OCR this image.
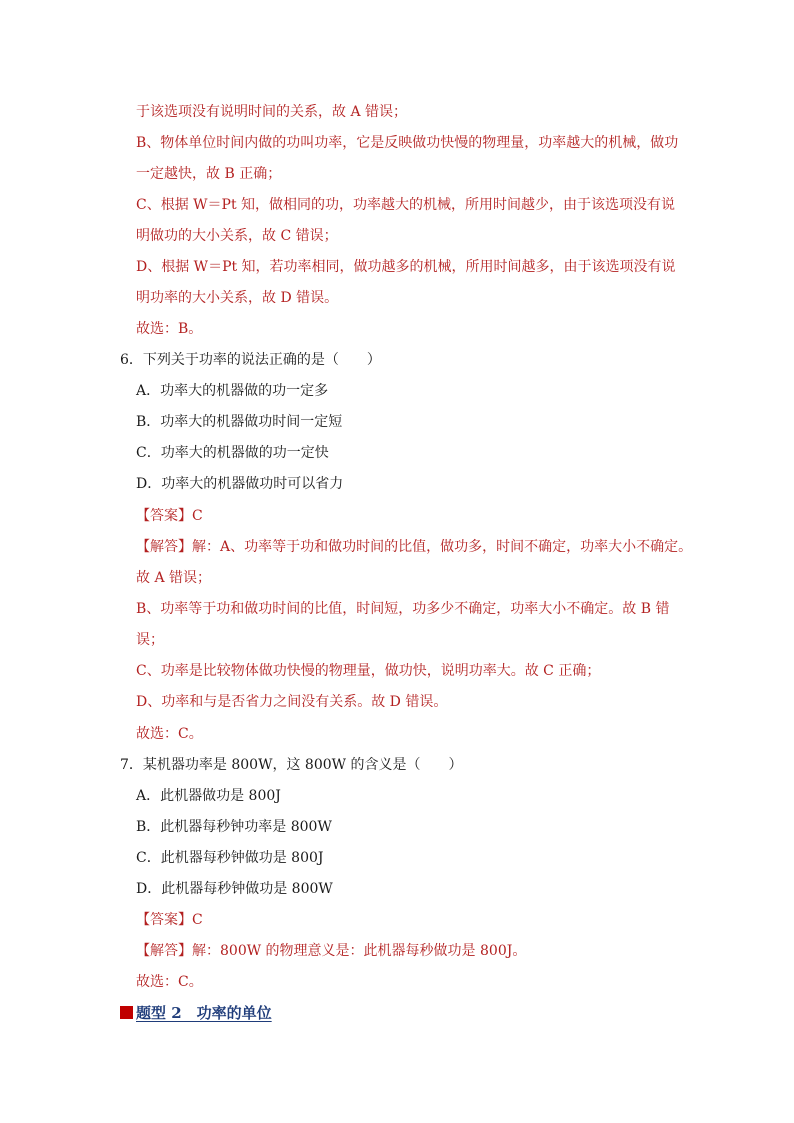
于该选项没有说明时间的关系，故 A 错误；
B、物体单位时间内做的功叫功率，它是反映做功快慢的物理量，功率越大的机械，做功
一定越快，故 B 正确；
C、根据 W＝Pt 知，做相同的功，功率越大的机械，所用时间越少，由于该选项没有说
明做功的大小关系，故 C 错误；
D、根据 W＝Pt 知，若功率相同，做功越多的机械，所用时间越多，由于该选项没有说
明功率的大小关系，故 D 错误。
故选：B。
6．下列关于功率的说法正确的是（　　）
A．功率大的机器做的功一定多
B．功率大的机器做功时间一定短
C．功率大的机器做的功一定快
D．功率大的机器做功时可以省力
【答案】C
【解答】解：A、功率等于功和做功时间的比值，做功多，时间不确定，功率大小不确定。
故 A 错误；
B、功率等于功和做功时间的比值，时间短，功多少不确定，功率大小不确定。故 B 错
误；
C、功率是比较物体做功快慢的物理量，做功快，说明功率大。故 C 正确；
D、功率和与是否省力之间没有关系。故 D 错误。
故选：C。
7．某机器功率是 800W，这 800W 的含义是（　　）
A．此机器做功是 800J
B．此机器每秒钟功率是 800W
C．此机器每秒钟做功是 800J
D．此机器每秒钟做功是 800W
【答案】C
【解答】解：800W 的物理意义是：此机器每秒做功是 800J。
故选：C。
题型 2　功率的单位
